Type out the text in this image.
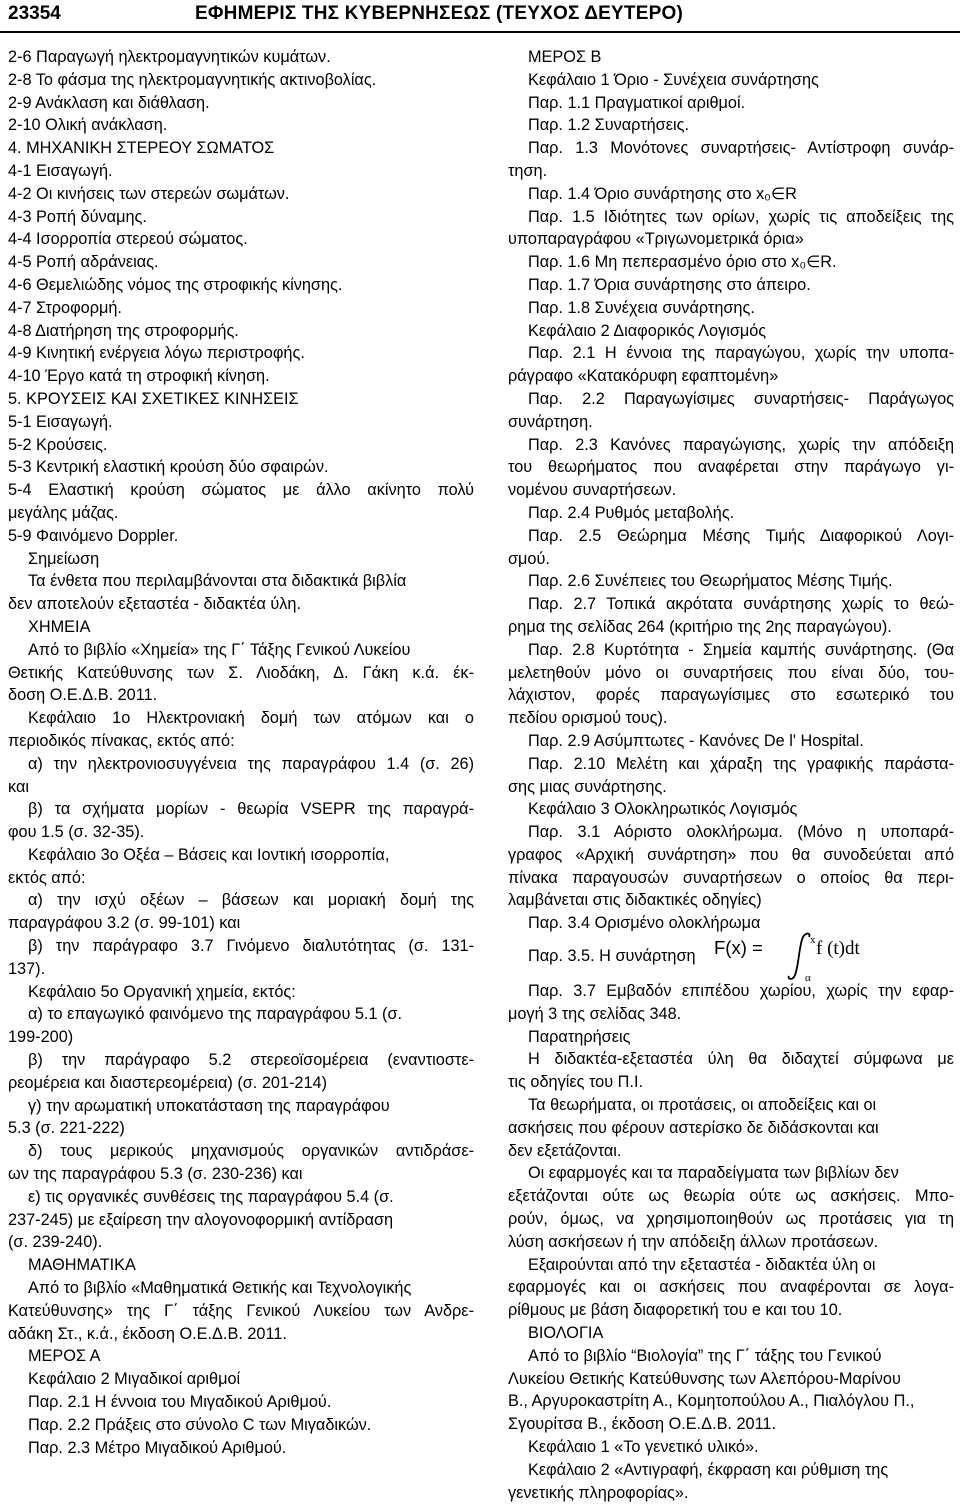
23354	ΕΦΗΜΕΡΙΣ ΤΗΣ ΚΥΒΕΡΝΗΣΕΩΣ (ΤΕΥΧΟΣ ΔΕΥΤΕΡΟ)
2-6 Παραγωγή ηλεκτρομαγνητικών κυμάτων.
2-8 Το φάσμα της ηλεκτρομαγνητικής ακτινοβολίας.
2-9 Ανάκλαση και διάθλαση.
2-10 Ολική ανάκλαση.
4. ΜΗΧΑΝΙΚΗ ΣΤΕΡΕΟΥ ΣΩΜΑΤΟΣ
4-1 Εισαγωγή.
4-2 Οι κινήσεις των στερεών σωμάτων.
4-3 Ροπή δύναμης.
4-4 Ισορροπία στερεού σώματος.
4-5 Ροπή αδράνειας.
4-6 Θεμελιώδης νόμος της στροφικής κίνησης.
4-7 Στροφορμή.
4-8 Διατήρηση της στροφορμής.
4-9 Κινητική ενέργεια λόγω περιστροφής.
4-10 Έργο κατά τη στροφική κίνηση.
5. ΚΡΟΥΣΕΙΣ ΚΑΙ ΣΧΕΤΙΚΕΣ ΚΙΝΗΣΕΙΣ
5-1 Εισαγωγή.
5-2 Κρούσεις.
5-3 Κεντρική ελαστική κρούση δύο σφαιρών.
5-4 Ελαστική κρούση σώματος με άλλο ακίνητο πολύ
μεγάλης μάζας.
5-9 Φαινόμενο Doppler.
Σημείωση
Τα ένθετα που περιλαμβάνονται στα διδακτικά βιβλία
δεν αποτελούν εξεταστέα - διδακτέα ύλη.
ΧΗΜΕΙΑ
Από το βιβλίο «Χημεία» της Γ΄ Τάξης Γενικού Λυκείου
Θετικής Κατεύθυνσης των Σ. Λιοδάκη, Δ. Γάκη κ.ά. έκ-
δοση Ο.Ε.Δ.Β. 2011.
Κεφάλαιο 1ο Ηλεκτρονιακή δομή των ατόμων και ο
περιοδικός πίνακας, εκτός από:
α) την ηλεκτρονιοσυγγένεια της παραγράφου 1.4 (σ. 26)
και
β) τα σχήματα μορίων - θεωρία VSEPR της παραγρά-
φου 1.5 (σ. 32-35).
Κεφάλαιο 3ο Οξέα – Βάσεις και Ιοντική ισορροπία,
εκτός από:
α) την ισχύ οξέων – βάσεων και μοριακή δομή της
παραγράφου 3.2 (σ. 99-101) και
β) την παράγραφο 3.7 Γινόμενο διαλυτότητας (σ. 131-
137).
Κεφάλαιο 5ο Οργανική χημεία, εκτός:
α) το επαγωγικό φαινόμενο της παραγράφου 5.1 (σ.
199-200)
β) την παράγραφο 5.2 στερεοϊσομέρεια (εναντιοστε-
ρεομέρεια και διαστερεομέρεια) (σ. 201-214)
γ) την αρωματική υποκατάσταση της παραγράφου
5.3 (σ. 221-222)
δ) τους μερικούς μηχανισμούς οργανικών αντιδράσε-
ων της παραγράφου 5.3 (σ. 230-236) και
ε) τις οργανικές συνθέσεις της παραγράφου 5.4 (σ.
237-245) με εξαίρεση την αλογονοφορμική αντίδραση
(σ. 239-240).
ΜΑΘΗΜΑΤΙΚΑ
Από το βιβλίο «Μαθηματικά Θετικής και Τεχνολογικής
Κατεύθυνσης» της Γ΄ τάξης Γενικού Λυκείου των Ανδρε-
αδάκη Στ., κ.ά., έκδοση Ο.Ε.Δ.Β. 2011.
ΜΕΡΟΣ Α
Κεφάλαιο 2 Μιγαδικοί αριθμοί
Παρ. 2.1 Η έννοια του Μιγαδικού Αριθμού.
Παρ. 2.2 Πράξεις στο σύνολο C των Μιγαδικών.
Παρ. 2.3 Μέτρο Μιγαδικού Αριθμού.
ΜΕΡΟΣ Β
Κεφάλαιο 1 Όριο - Συνέχεια συνάρτησης
Παρ. 1.1 Πραγματικοί αριθμοί.
Παρ. 1.2 Συναρτήσεις.
Παρ. 1.3 Μονότονες συναρτήσεις- Αντίστροφη συνάρ-
τηση.
Παρ. 1.4 Όριο συνάρτησης στο x₀∈R
Παρ. 1.5 Ιδιότητες των ορίων, χωρίς τις αποδείξεις της
υποπαραγράφου «Τριγωνομετρικά όρια»
Παρ. 1.6 Μη πεπερασμένο όριο στο x₀∈R.
Παρ. 1.7 Όρια συνάρτησης στο άπειρο.
Παρ. 1.8 Συνέχεια συνάρτησης.
Κεφάλαιο 2 Διαφορικός Λογισμός
Παρ. 2.1 Η έννοια της παραγώγου, χωρίς την υποπα-
ράγραφο «Κατακόρυφη εφαπτομένη»
Παρ. 2.2 Παραγωγίσιμες συναρτήσεις- Παράγωγος
συνάρτηση.
Παρ. 2.3 Κανόνες παραγώγισης, χωρίς την απόδειξη
του θεωρήματος που αναφέρεται στην παράγωγο γι-
νομένου συναρτήσεων.
Παρ. 2.4 Ρυθμός μεταβολής.
Παρ. 2.5 Θεώρημα Μέσης Τιμής Διαφορικού Λογι-
σμού.
Παρ. 2.6 Συνέπειες του Θεωρήματος Μέσης Τιμής.
Παρ. 2.7 Τοπικά ακρότατα συνάρτησης χωρίς το θεώ-
ρημα της σελίδας 264 (κριτήριο της 2ης παραγώγου).
Παρ. 2.8 Κυρτότητα - Σημεία καμπής συνάρτησης. (Θα
μελετηθούν μόνο οι συναρτήσεις που είναι δύο, του-
λάχιστον, φορές παραγωγίσιμες στο εσωτερικό του
πεδίου ορισμού τους).
Παρ. 2.9 Ασύμπτωτες - Κανόνες De l' Hospital.
Παρ. 2.10 Μελέτη και χάραξη της γραφικής παράστα-
σης μιας συνάρτησης.
Κεφάλαιο 3 Ολοκληρωτικός Λογισμός
Παρ. 3.1 Αόριστο ολοκλήρωμα. (Μόνο η υποπαρά-
γραφος «Αρχική συνάρτηση» που θα συνοδεύεται από
πίνακα παραγουσών συναρτήσεων ο οποίος θα περι-
λαμβάνεται στις διδακτικές οδηγίες)
Παρ. 3.4 Ορισμένο ολοκλήρωμα
Παρ. 3.5. Η συνάρτηση F(x) =	x
α
f (t)dt
Παρ. 3.7 Εμβαδόν επιπέδου χωρίου, χωρίς την εφαρ-
μογή 3 της σελίδας 348.
Παρατηρήσεις
Η διδακτέα-εξεταστέα ύλη θα διδαχτεί σύμφωνα με
τις οδηγίες του Π.Ι.
Τα θεωρήματα, οι προτάσεις, οι αποδείξεις και οι
ασκήσεις που φέρουν αστερίσκο δε διδάσκονται και
δεν εξετάζονται.
Οι εφαρμογές και τα παραδείγματα των βιβλίων δεν
εξετάζονται ούτε ως θεωρία ούτε ως ασκήσεις. Μπο-
ρούν, όμως, να χρησιμοποιηθούν ως προτάσεις για τη
λύση ασκήσεων ή την απόδειξη άλλων προτάσεων.
Εξαιρούνται από την εξεταστέα - διδακτέα ύλη οι
εφαρμογές και οι ασκήσεις που αναφέρονται σε λογα-
ρίθμους με βάση διαφορετική του e και του 10.
ΒΙΟΛΟΓΙΑ
Από το βιβλίο “Βιολογία” της Γ΄ τάξης του Γενικού
Λυκείου Θετικής Κατεύθυνσης των Αλεπόρου-Μαρίνου
Β., Αργυροκαστρίτη Α., Κομητοπούλου Α., Πιαλόγλου Π.,
Σγουρίτσα Β., έκδοση Ο.Ε.Δ.Β. 2011.
Κεφάλαιο 1 «Το γενετικό υλικό».
Κεφάλαιο 2 «Αντιγραφή, έκφραση και ρύθμιση της
γενετικής πληροφορίας».
